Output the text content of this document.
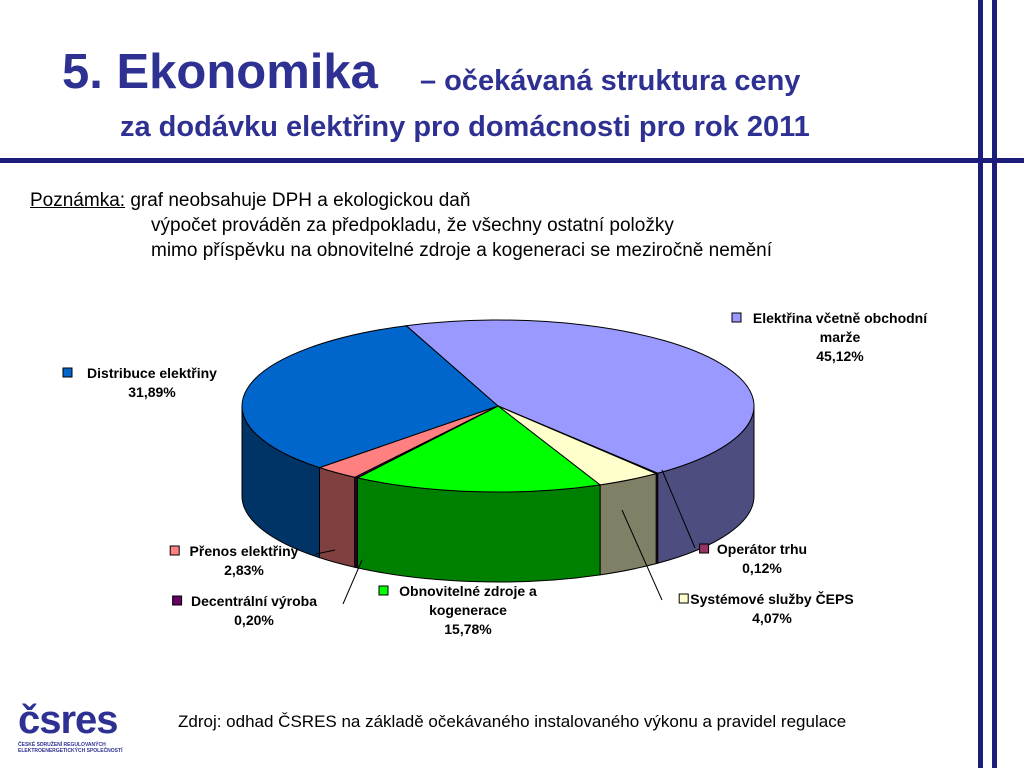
5. Ekonomika – očekávaná struktura ceny
za dodávku elektřiny pro domácnosti pro rok 2011
Poznámka: graf neobsahuje DPH a ekologickou daň
výpočet prováděn za předpokladu, že všechny ostatní položky
mimo příspěvku na obnovitelné zdroje a kogeneraci se meziročně nemění
Elektřina včetně obchodní
marže
45,12%
Operátor trhu
0,12%
Systémové služby ČEPS
4,07%
Obnovitelné zdroje a
kogenerace
15,78%
Decentrální výroba
0,20%
Přenos elektřiny
2,83%
Distribuce elektřiny
31,89%
Zdroj: odhad ČSRES na základě očekávaného instalovaného výkonu a pravidel regulace
čsres
ČESKÉ SDRUŽENÍ REGULOVANÝCH ELEKTROENERGETICKÝCH SPOLEČNOSTÍ
